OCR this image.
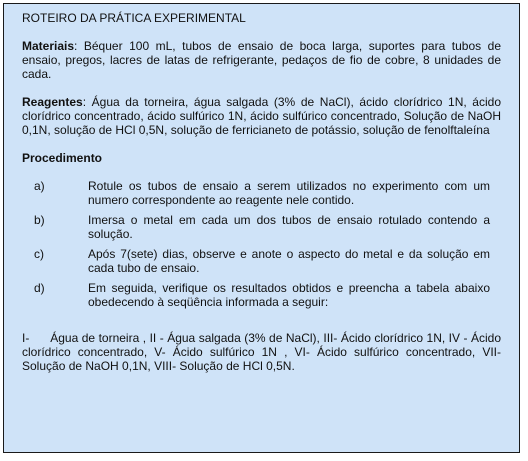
ROTEIRO DA PRÁTICA EXPERIMENTAL

Materiais: Béquer 100 mL, tubos de ensaio de boca larga, suportes para tubos de ensaio, pregos, lacres de latas de refrigerante, pedaços de fio de cobre, 8 unidades de cada.

Reagentes: Água da torneira, água salgada (3% de NaCl), ácido clorídrico 1N, ácido clorídrico concentrado, ácido sulfúrico 1N, ácido sulfúrico concentrado, Solução de NaOH 0,1N, solução de HCl 0,5N, solução de ferricianeto de potássio, solução de fenolftaleína

Procedimento
a)	Rotule os tubos de ensaio a serem utilizados no experimento com um numero correspondente ao reagente nele contido.
b)	Imersa o metal em cada um dos tubos de ensaio rotulado contendo a solução.
c)	Após 7(sete) dias, observe e anote o aspecto do metal e da solução em cada tubo de ensaio.
d)	Em seguida, verifique os resultados obtidos e preencha a tabela abaixo obedecendo à seqüência informada a seguir:
I-      Água de torneira , II - Água salgada (3% de NaCl), III- Ácido clorídrico 1N, IV - Ácido clorídrico concentrado, V- Ácido sulfúrico 1N , VI- Ácido sulfúrico concentrado, VII- Solução de NaOH 0,1N, VIII- Solução de HCl 0,5N.
